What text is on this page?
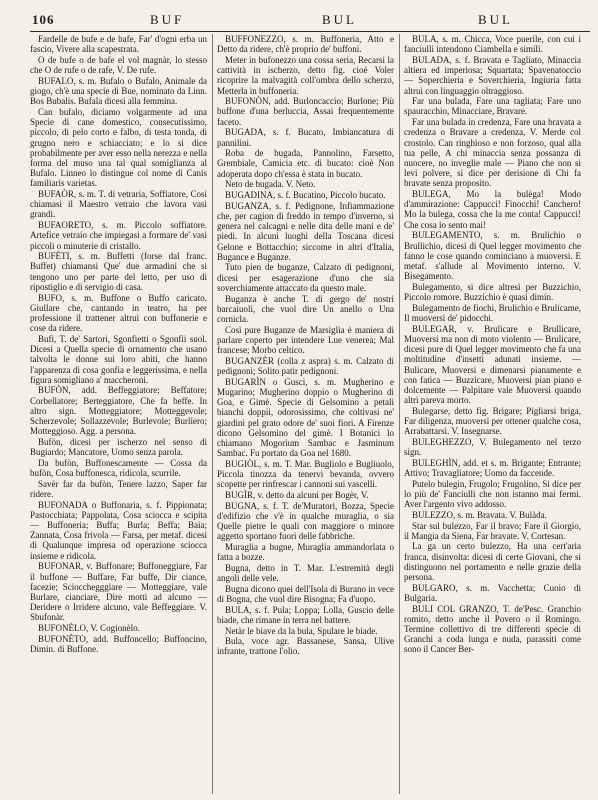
106	BUF	BUL	BUL

Fardelle de bufe e de bafe, Far' d'ogni erba un fascio, Vivere alla scapestrata.

O de bufe o de bafe el vol magnàr, lo stesso che O de rufe o de rafe, V. De rufe.

BUFALO, s. m. Bufalo o Bufalo, Animale da giogo, ch'è una specie di Bue, nominato da Linn. Bos Bubalis. Bufala dicesi alla femmina.

Can bufalo, diciamo volgarmente ad una Specie di cane domestico, consecutissimo, piccolo, di pelo corto e falbo, di testa tonda, di grugno nero e schiacciato; e lo si dice probabilmente per aver esso nella nerezza e nella forma del muso una tal qual somiglianza al Bufalo. Linneo lo distingue col nome di Canis familiaris varietas.

BUFAÒR, s. m. T. di vetraria, Soffiatore, Così chiamasi il Maestro vetraio che lavora vasi grandi.

BUFAORETO, s. m. Piccolo soffiatore. Artefice vetraio che impiegasi a formare de' vasi piccoli o minuterie di cristallo.

BUFÈTI, s. m. Buffetti (forse dal franc. Buffet) chiamansi Que' due armadini che si tengono uno per parte del letto, per uso di ripostiglio e di servigio di casa.

BUFO, s. m. Buffone o Buffo caricato. Giullare che, cantando in teatro, ha per professione il trattener altrui con buffonerie e cose da ridere.

Bufi, T. de' Sartori, Sgonfietti o Sgonfii suol. Dicesi a Quella specie di ornamento che usano talvolta le donne sui loro abiti, che hanno l'apparenza di cosa gonfia e leggerissima, e nella figura somigliano a' maccheroni.

BUFÒN, add. Beffeggiatore; Beffatore; Corbellatore; Berteggiatore, Che fa beffe. In altro sign. Motteggiatore; Motteggevole; Scherzevole; Sollazzevole; Burlevole; Burliero; Motteggioso. Agg. a persona.

Bufòn, dicesi per ischerzo nel senso di Bugiardo; Mancatore, Uomo senza parola.

Da bufòn, Buffonescamente — Cossa da bufòn, Cosa buffonesca, ridicola, scurrile.

Savèr far da bufòn, Tenere lazzo, Saper far ridere.

BUFONADA o Buffonaria, s. f. Pippionata; Pastocchiata; Pappolata, Cosa sciocca e scipita — Buffoneria; Buffa; Burla; Beffa; Baia; Zannata, Cosa frivola — Farsa, per metaf. dicesi di Qualunque impresa od operazione sciocca insieme e ridicola.

BUFONAR, v. Buffonare; Buffoneggiare, Far il buffone — Buffare, Far buffe, Dir ciance, facezie; Sciocchegggiare — Motteggiare, vale Burlare, cianciare, Dire motti ad alcuno — Deridere o Irridere alcuno, vale Beffeggiare. V. Sbufonàr.

BUFONÈLO, V. Cogionèlo.

BUFONÈTO, add. Buffoncello; Buffoncino, Dimin. di Buffone.

BUFFONEZZO, s. m. Buffoneria, Atto e Detto da ridere, ch'è proprio de' buffoni.

Meter in bufonezzo una cossa seria, Recarsi la cattività in ischerzo, detto fig. cioè Voler ricoprire la malvagità coll'ombra dello scherzo, Metterla in buffoneria.

BUFONÒN, add. Burloncaccio; Burlone; Più buffone d'una berluccia, Assai frequentemente faceto.

BUGADA, s. f. Bucato, Imbiancatura di pannilini.

Roba de bugada, Pannolino, Farsetto, Grembiale, Camicia etc. di bucato: cioè Non adoperata dopo ch'essa è stata in bucato.

Neto de bugada. V. Neto.

BUGADINA, s. f. Bucatino, Piccolo bucato.

BUGANZA, s. f. Pedignone, Infiammazione che, per cagion di freddo in tempo d'inverno, si genera nel calcagni e nelle dita delle mani e de' piedi. In alcuni luoghi della Toscana dicesi Gelone e Bottacchio; siccome in altri d'Italia, Bugance e Buganze.

Tuto pien de buganze, Calzato di pedignoni, dicesi per esagerazione d'uno che sia soverchiamente attaccato da questo male.

Buganza è anche T. di gergo de' nostri barcaiuoli, che vuol dire Un anello o Una cornicla.

Così pure Buganze de Marsiglia è maniera di parlare coperto per intendere Lue venerea; Mal francese; Morbo celtico.

BUGANZÈR (colla z aspra) s. m. Calzato di pedignoni; Solito patir pedignoni.

BUGARÌN o Gusci, s. m. Mugherino e Mugarino; Mugherino doppio o Mugherino di Goa, e Gimè. Specie di Gelsomino a petali bianchi doppii, odorosissimo, che coltivasi ne' giardini pel grato odore de' suoi fiori. A Firenze dicono Gelsomino del gimè. I Botanici lo chiamano Mogorium Sambac e Jasminum Sambac. Fu portato da Goa nel 1680.

BUGIÒL, s. m. T. Mar. Bugliolo e Bugliuolo, Piccola tinozza da tenervi bevanda, ovvero scopette per rinfrescar i cannoni sui vascelli.

BUGÌR, v. detto da alcuni per Bogèr, V.

BUGNA, s. f. T. de'Muratori, Bozza, Specie d'edifizio che v'è in qualche muraglia, o sia Quelle pietre le quali con maggiore o minore aggetto sportano fuori delle fabbriche.

Muraglia a bugne, Muraglia ammandorlata o fatta a bozze.

Bugna, detto in T. Mar. L'estremità degli angoli delle vele.

Bugna dicono quei dell'Isola di Burano in vece di Bogna, che vuol dire Bisogna; Fa d'uopo.

BULA, s. f. Pula; Loppa; Lolla, Guscio delle biade, che rimane in terra nel battere.

Netàr le biave da la bula, Spulare le biade.

Bula, voce agr. Bassanese, Sansa, Ulive infrante, trattone l'olio.

BULA, s. m. Chicca, Voce puerile, con cui i fanciulli intendono Ciambella e simili.

BULADA, s. f. Bravata e Tagliato, Minaccia altiera ed imperiosa; Squartata; Spavenatoccio — Soperchieria e Soverchieria, Ingiuria fatta altrui con linguaggio oltraggioso.

Far una bulada, Fare una tagliata; Fare uno spauracchio, Minacciare, Bravare.

Far una bulada in credenza, Fare una bravata a credenza o Bravare a credenza, V. Merde col crostolo. Can ringhioso e non forzoso, qual alla tua pelle, A chi minaccia senza possanza di nuocere, no inveglie male — Piano che non si levi polvere, si dice per derisione di Chi fa bravate senza proposito.

BULEGA, Mo la bulèga! Modo d'ammirazione: Cappucci! Finocchi! Canchero! Mo la bulega, cossa che la me conta! Cappucci! Che cosa io sento mai!

BULEGAMENTO, s. m. Brulichio o Brullichio, dicesi di Quel legger movimento che fanno le cose quando cominciano a muoversi. E metaf. s'allude al Movimento interno. V. Bisegamento.

Bulegamento, si dice altresì per Buzzichio, Piccolo romore. Buzzichio è quasi dimin.

Bulegamento de fiochi, Brulichio e Brulicame, Il muoversi de' pidocchi.

BULEGAR, v. Brulicare e Brullicare, Muoversi ma non di moto violento — Brulicare, dicesi pure di Quel legger movimento che fa una moltitudine d'insetti adunati insieme. — Bulicare, Muoversi e dimenarsi pianamente e con fatica — Buzzicare, Muoversi pian piano e dolcemente — Palpitare vale Muoversi quando altri pareva morto.

Bulegarse, detto fig. Brigare; Pigliarsi briga, Far diligenza, muoversi per ottener qualche cosa, Arrabattarsi. V. Insegnarse.

BULEGHEZZO, V. Bulegamento nel terzo sign.

BULEGHÌN, add. et s. m. Brigante; Entrante; Attivo; Travagliatore; Uomo da faccende.

Putelo bulegìn, Frugolo; Frugolino, Si dice per lo più de' Fanciulli che non istanno mai fermi. Aver l'argento vivo addosso.

BULEZZO, s. m. Bravata. V. Bulàda.

Star sul bulezzo, Far il bravo; Fare il Giorgio, il Mangia da Siena, Far bravate. V. Cortesan.

La ga un certo bulezzo, Ha una cert'aria franca, disinvolta: dicesi di certe Giovani, che si distinguono nel portamento e nelle grazie della persona.

BULGARO, s. m. Vacchetta; Cuoio di Bulgaria.

BULI COL GRANZO, T. de'Pesc. Granchio romito, detto anche il Povero o il Romingo. Termine collettivo di tre differenti specie di Granchi a coda lunga e nuda, parassiti come sono il Cancer Ber-
